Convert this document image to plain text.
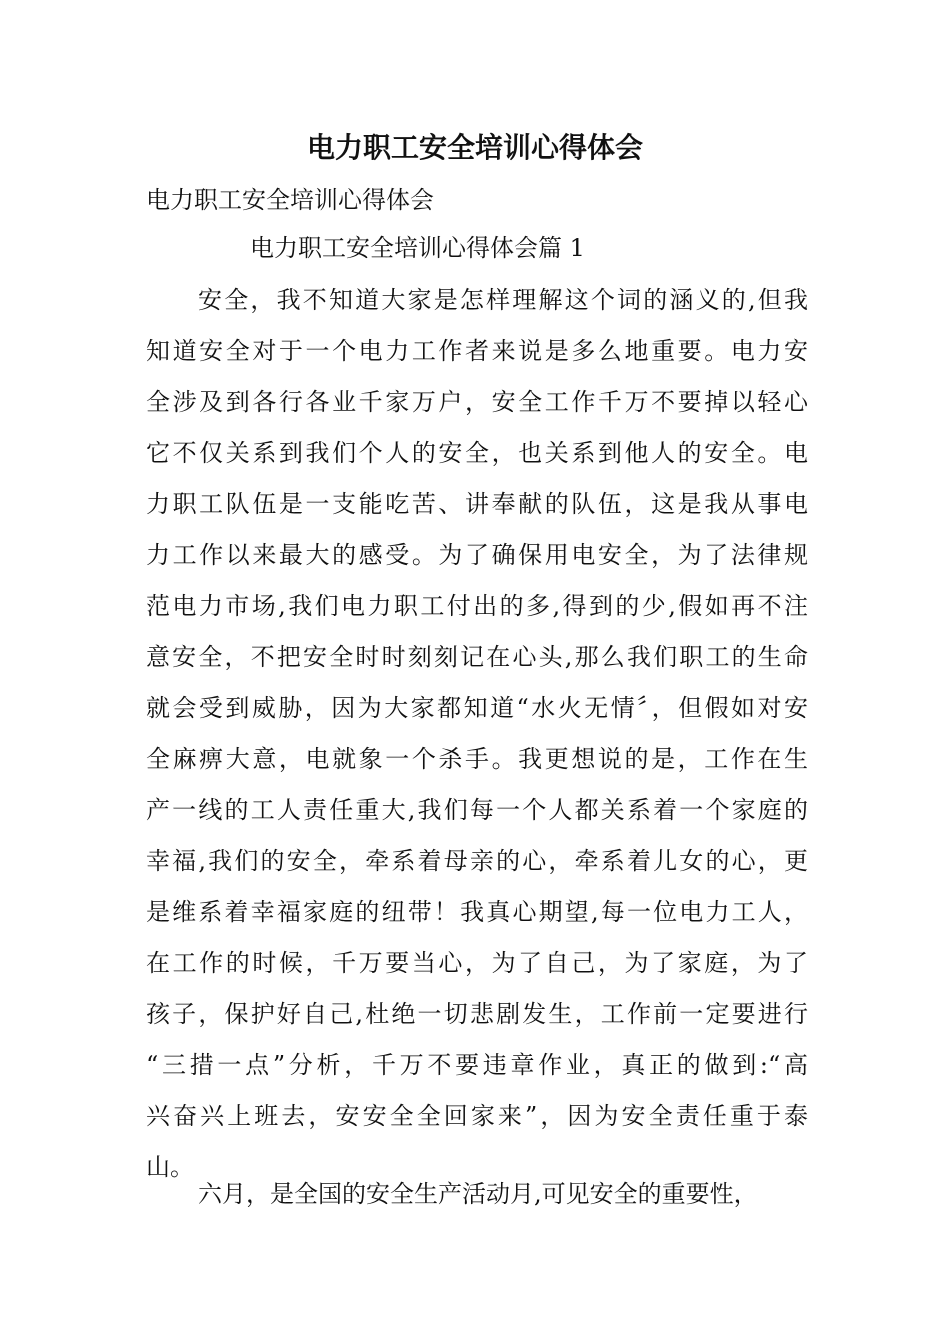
电力职工安全培训心得体会

电力职工安全培训心得体会

电力职工安全培训心得体会篇 1

安全，我不知道大家是怎样理解这个词的涵义的,但我
知道安全对于一个电力工作者来说是多么地重要。电力安
全涉及到各行各业千家万户，安全工作千万不要掉以轻心
它不仅关系到我们个人的安全，也关系到他人的安全。电
力职工队伍是一支能吃苦、讲奉献的队伍，这是我从事电
力工作以来最大的感受。为了确保用电安全，为了法律规
范电力市场,我们电力职工付出的多,得到的少,假如再不注
意安全，不把安全时时刻刻记在心头,那么我们职工的生命
就会受到威胁，因为大家都知道“水火无情〞，但假如对安
全麻痹大意，电就象一个杀手。我更想说的是，工作在生
产一线的工人责任重大,我们每一个人都关系着一个家庭的
幸福,我们的安全，牵系着母亲的心，牵系着儿女的心，更
是维系着幸福家庭的纽带！我真心期望,每一位电力工人，
在工作的时候，千万要当心，为了自己，为了家庭，为了
孩子，保护好自己,杜绝一切悲剧发生，工作前一定要进行
“三措一点”分析，千万不要违章作业，真正的做到:“高
兴奋兴上班去，安安全全回家来”，因为安全责任重于泰
山。
六月，是全国的安全生产活动月,可见安全的重要性，
